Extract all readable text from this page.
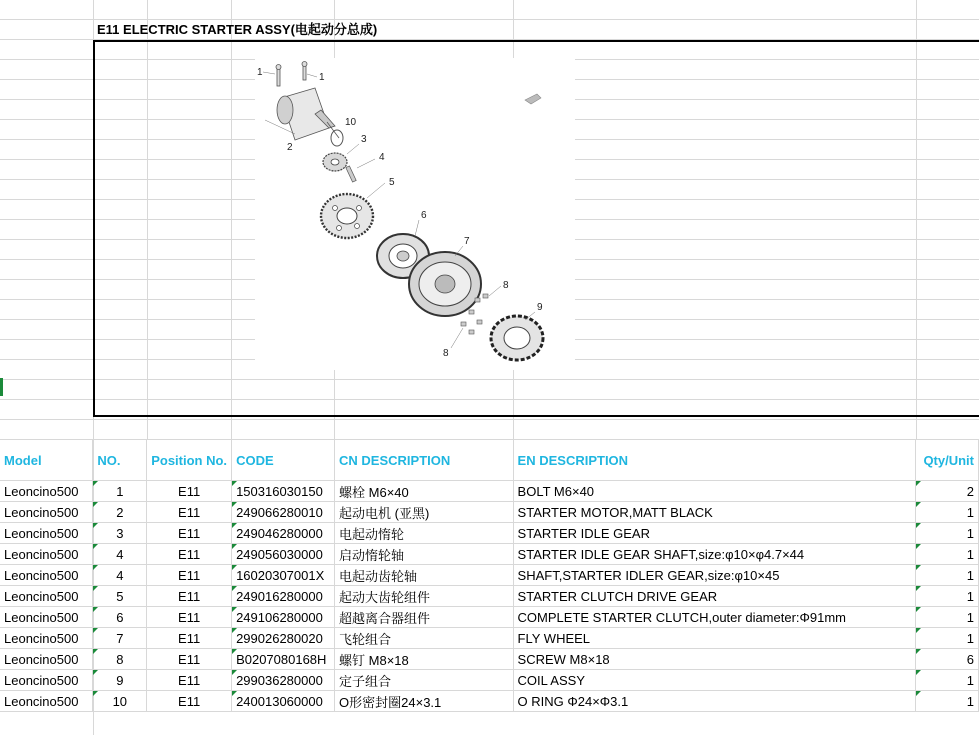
E11 ELECTRIC STARTER ASSY(电起动分总成)
1	1
2
10
3
4
5
6
7
8
8
9
Model	NO.	Position No.	CODE	CN DESCRIPTION	EN DESCRIPTION	Qty/Unit
Leoncino500	1	E11	150316030150	螺栓 M6×40	BOLT M6×40	2
Leoncino500	2	E11	249066280010	起动电机 (亚黑)	STARTER MOTOR,MATT BLACK	1
Leoncino500	3	E11	249046280000	电起动惰轮	STARTER IDLE GEAR	1
Leoncino500	4	E11	249056030000	启动惰轮轴	STARTER IDLE GEAR SHAFT,size:φ10×φ4.7×44	1
Leoncino500	4	E11	16020307001X	电起动齿轮轴	SHAFT,STARTER IDLER GEAR,size:φ10×45	1
Leoncino500	5	E11	249016280000	起动大齿轮组件	STARTER CLUTCH DRIVE GEAR	1
Leoncino500	6	E11	249106280000	超越离合器组件	COMPLETE STARTER CLUTCH,outer diameter:Φ91mm	1
Leoncino500	7	E11	299026280020	飞轮组合	FLY WHEEL	1
Leoncino500	8	E11	B0207080168H	螺钉 M8×18	SCREW M8×18	6
Leoncino500	9	E11	299036280000	定子组合	COIL ASSY	1
Leoncino500	10	E11	240013060000	O形密封圈24×3.1	O RING Φ24×Φ3.1	1
